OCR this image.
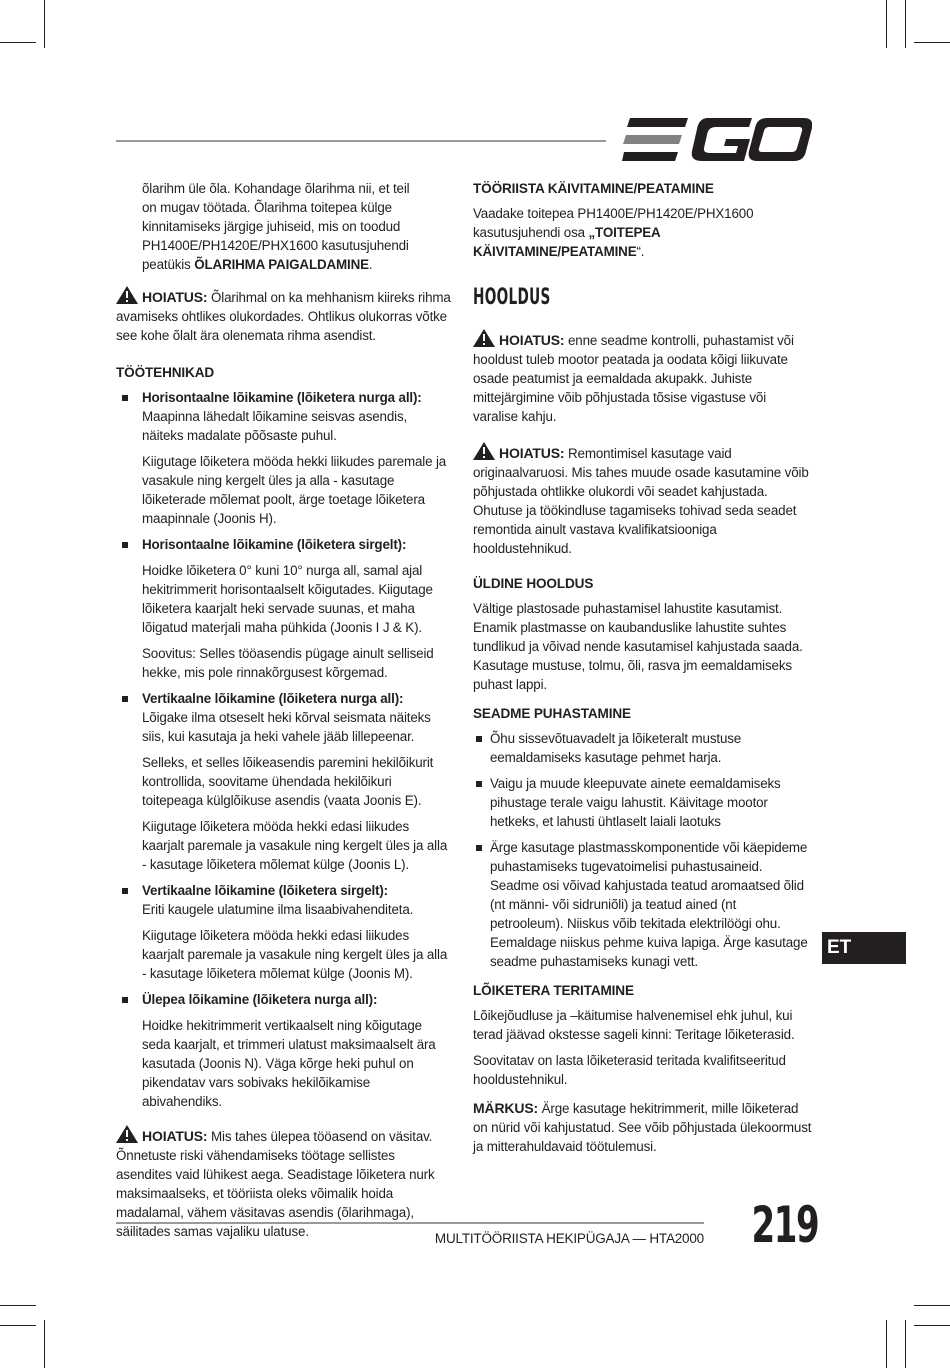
õlarihm üle õla. Kohandage õlarihma nii, et teil
on mugav töötada. Õlarihma toitepea külge
kinnitamiseks järgige juhiseid, mis on toodud
PH1400E/PH1420E/PHX1600 kasutusjuhendi
peatükis ÕLARIHMA PAIGALDAMINE.

HOIATUS: Õlarihmal on ka mehhanism kiireks rihma avamiseks ohtlikes olukordades. Ohtlikus olukorras võtke see kohe õlalt ära olenemata rihma asendist.

TÖÖTEHNIKAD
Horisontaalne lõikamine (lõiketera nurga all):
Maapinna lähedalt lõikamine seisvas asendis, näiteks madalate põõsaste puhul.

Kiigutage lõiketera mööda hekki liikudes paremale ja vasakule ning kergelt üles ja alla - kasutage lõiketerade mõlemat poolt, ärge toetage lõiketera maapinnale (Joonis H).

Horisontaalne lõikamine (lõiketera sirgelt):

Hoidke lõiketera 0° kuni 10° nurga all, samal ajal hekitrimmerit horisontaalselt kõigutades. Kiigutage lõiketera kaarjalt heki servade suunas, et maha lõigatud materjali maha pühkida (Joonis I J & K).

Soovitus: Selles tööasendis pügage ainult selliseid hekke, mis pole rinnakõrgusest kõrgemad.

Vertikaalne lõikamine (lõiketera nurga all):
Lõigake ilma otseselt heki kõrval seismata näiteks siis, kui kasutaja ja heki vahele jääb lillepeenar.

Selleks, et selles lõikeasendis paremini hekilõikurit kontrollida, soovitame ühendada hekilõikuri toitepeaga külglõikuse asendis (vaata Joonis E).

Kiigutage lõiketera mööda hekki edasi liikudes kaarjalt paremale ja vasakule ning kergelt üles ja alla - kasutage lõiketera mõlemat külge (Joonis L).

Vertikaalne lõikamine (lõiketera sirgelt):
Eriti kaugele ulatumine ilma lisaabivahenditeta.

Kiigutage lõiketera mööda hekki edasi liikudes kaarjalt paremale ja vasakule ning kergelt üles ja alla - kasutage lõiketera mõlemat külge (Joonis M).

Ülepea lõikamine (lõiketera nurga all):

Hoidke hekitrimmerit vertikaalselt ning kõigutage seda kaarjalt, et trimmeri ulatust maksimaalselt ära kasutada (Joonis N). Väga kõrge heki puhul on pikendatav vars sobivaks hekilõikamise abivahendiks.

HOIATUS: Mis tahes ülepea tööasend on väsitav. Õnnetuste riski vähendamiseks töötage sellistes asendites vaid lühikest aega. Seadistage lõiketera nurk maksimaalseks, et tööriista oleks võimalik hoida madalamal, vähem väsitavas asendis (õlarihmaga), säilitades samas vajaliku ulatuse.

TÖÖRIISTA KÄIVITAMINE/PEATAMINE

Vaadake toitepea PH1400E/PH1420E/PHX1600 kasutusjuhendi osa „TOITEPEA KÄIVITAMINE/PEATAMINE“.

HOOLDUS

HOIATUS: enne seadme kontrolli, puhastamist või hooldust tuleb mootor peatada ja oodata kõigi liikuvate osade peatumist ja eemaldada akupakk. Juhiste mittejärgimine võib põhjustada tõsise vigastuse või varalise kahju.

HOIATUS: Remontimisel kasutage vaid originaalvaruosi. Mis tahes muude osade kasutamine võib põhjustada ohtlikke olukordi või seadet kahjustada. Ohutuse ja töökindluse tagamiseks tohivad seda seadet remontida ainult vastava kvalifikatsiooniga hooldustehnikud.

ÜLDINE HOOLDUS

Vältige plastosade puhastamisel lahustite kasutamist. Enamik plastmasse on kaubanduslike lahustite suhtes tundlikud ja võivad nende kasutamisel kahjustada saada. Kasutage mustuse, tolmu, õli, rasva jm eemaldamiseks puhast lappi.

SEADME PUHASTAMINE
Õhu sissevõtuavadelt ja lõiketeralt mustuse eemaldamiseks kasutage pehmet harja.
Vaigu ja muude kleepuvate ainete eemaldamiseks pihustage terale vaigu lahustit. Käivitage mootor hetkeks, et lahusti ühtlaselt laiali laotuks
Ärge kasutage plastmasskomponentide või käepideme puhastamiseks tugevatoimelisi puhastusaineid. Seadme osi võivad kahjustada teatud aromaatsed õlid (nt männi- või sidruniõli) ja teatud ained (nt petrooleum). Niiskus võib tekitada elektrilöögi ohu. Eemaldage niiskus pehme kuiva lapiga. Ärge kasutage seadme puhastamiseks kunagi vett.
LÕIKETERA TERITAMINE

Lõikejõudluse ja –käitumise halvenemisel ehk juhul, kui terad jäävad okstesse sageli kinni: Teritage lõiketerasid.

Soovitatav on lasta lõiketerasid teritada kvalifitseeritud hooldustehnikul.

MÄRKUS: Ärge kasutage hekitrimmerit, mille lõiketerad on nürid või kahjustatud. See võib põhjustada ülekoormust ja mitterahuldavaid töötulemusi.

ET
MULTITÖÖRIISTA HEKIPÜGAJA — HTA2000 219
